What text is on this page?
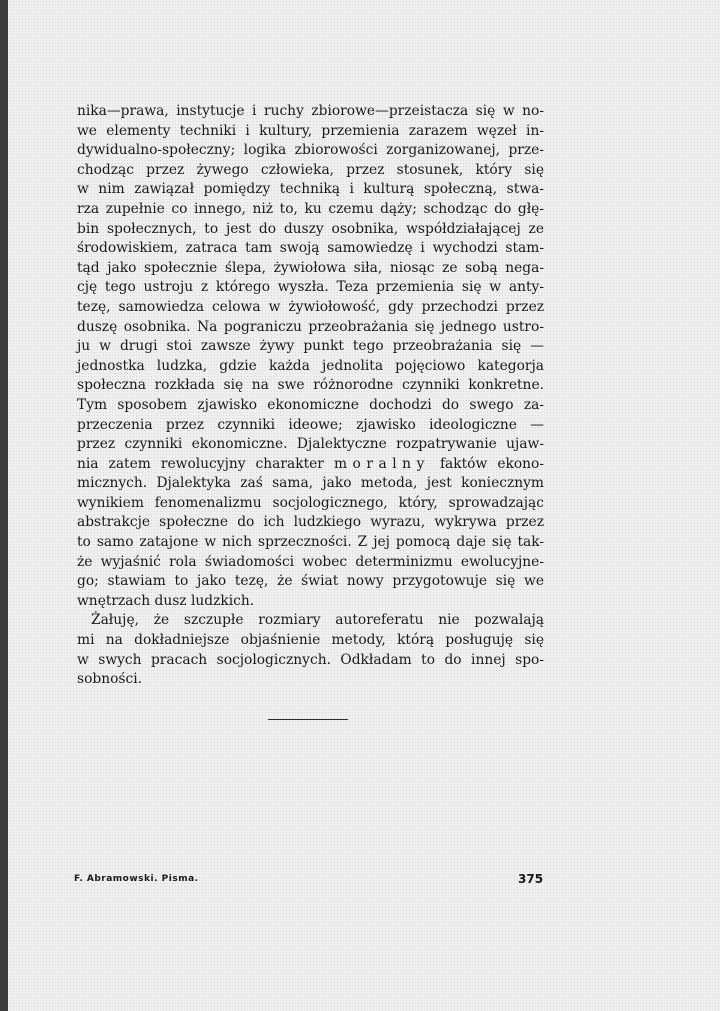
nika—prawa, instytucje i ruchy zbiorowe—przeistacza się w no-
we elementy techniki i kultury, przemienia zarazem węzeł in-
dywidualno-społeczny; logika zbiorowości zorganizowanej, prze-
chodząc przez żywego człowieka, przez stosunek, który się
w nim zawiązał pomiędzy techniką i kulturą społeczną, stwa-
rza zupełnie co innego, niż to, ku czemu dąży; schodząc do głę-
bin społecznych, to jest do duszy osobnika, współdziałającej ze
środowiskiem, zatraca tam swoją samowiedzę i wychodzi stam-
tąd jako społecznie ślepa, żywiołowa siła, niosąc ze sobą nega-
cję tego ustroju z którego wyszła. Teza przemienia się w anty-
tezę, samowiedza celowa w żywiołowość, gdy przechodzi przez
duszę osobnika. Na pograniczu przeobrażania się jednego ustro-
ju w drugi stoi zawsze żywy punkt tego przeobrażania się —
jednostka ludzka, gdzie każda jednolita pojęciowo kategorja
społeczna rozkłada się na swe różnorodne czynniki konkretne.
Tym sposobem zjawisko ekonomiczne dochodzi do swego za-
przeczenia przez czynniki ideowe; zjawisko ideologiczne —
przez czynniki ekonomiczne. Djalektyczne rozpatrywanie ujaw-
nia zatem rewolucyjny charakter moralny faktów ekono-
micznych. Djalektyka zaś sama, jako metoda, jest koniecznym
wynikiem fenomenalizmu socjologicznego, który, sprowadzając
abstrakcje społeczne do ich ludzkiego wyrazu, wykrywa przez
to samo zatajone w nich sprzeczności. Z jej pomocą daje się tak-
że wyjaśnić rola świadomości wobec determinizmu ewolucyjne-
go; stawiam to jako tezę, że świat nowy przygotowuje się we
wnętrzach dusz ludzkich.
Żałuję, że szczupłe rozmiary autoreferatu nie pozwalają
mi na dokładniejsze objaśnienie metody, którą posługuję się
w swych pracach socjologicznych. Odkładam to do innej spo-
sobności.
F. Abramowski. Pisma.	375
